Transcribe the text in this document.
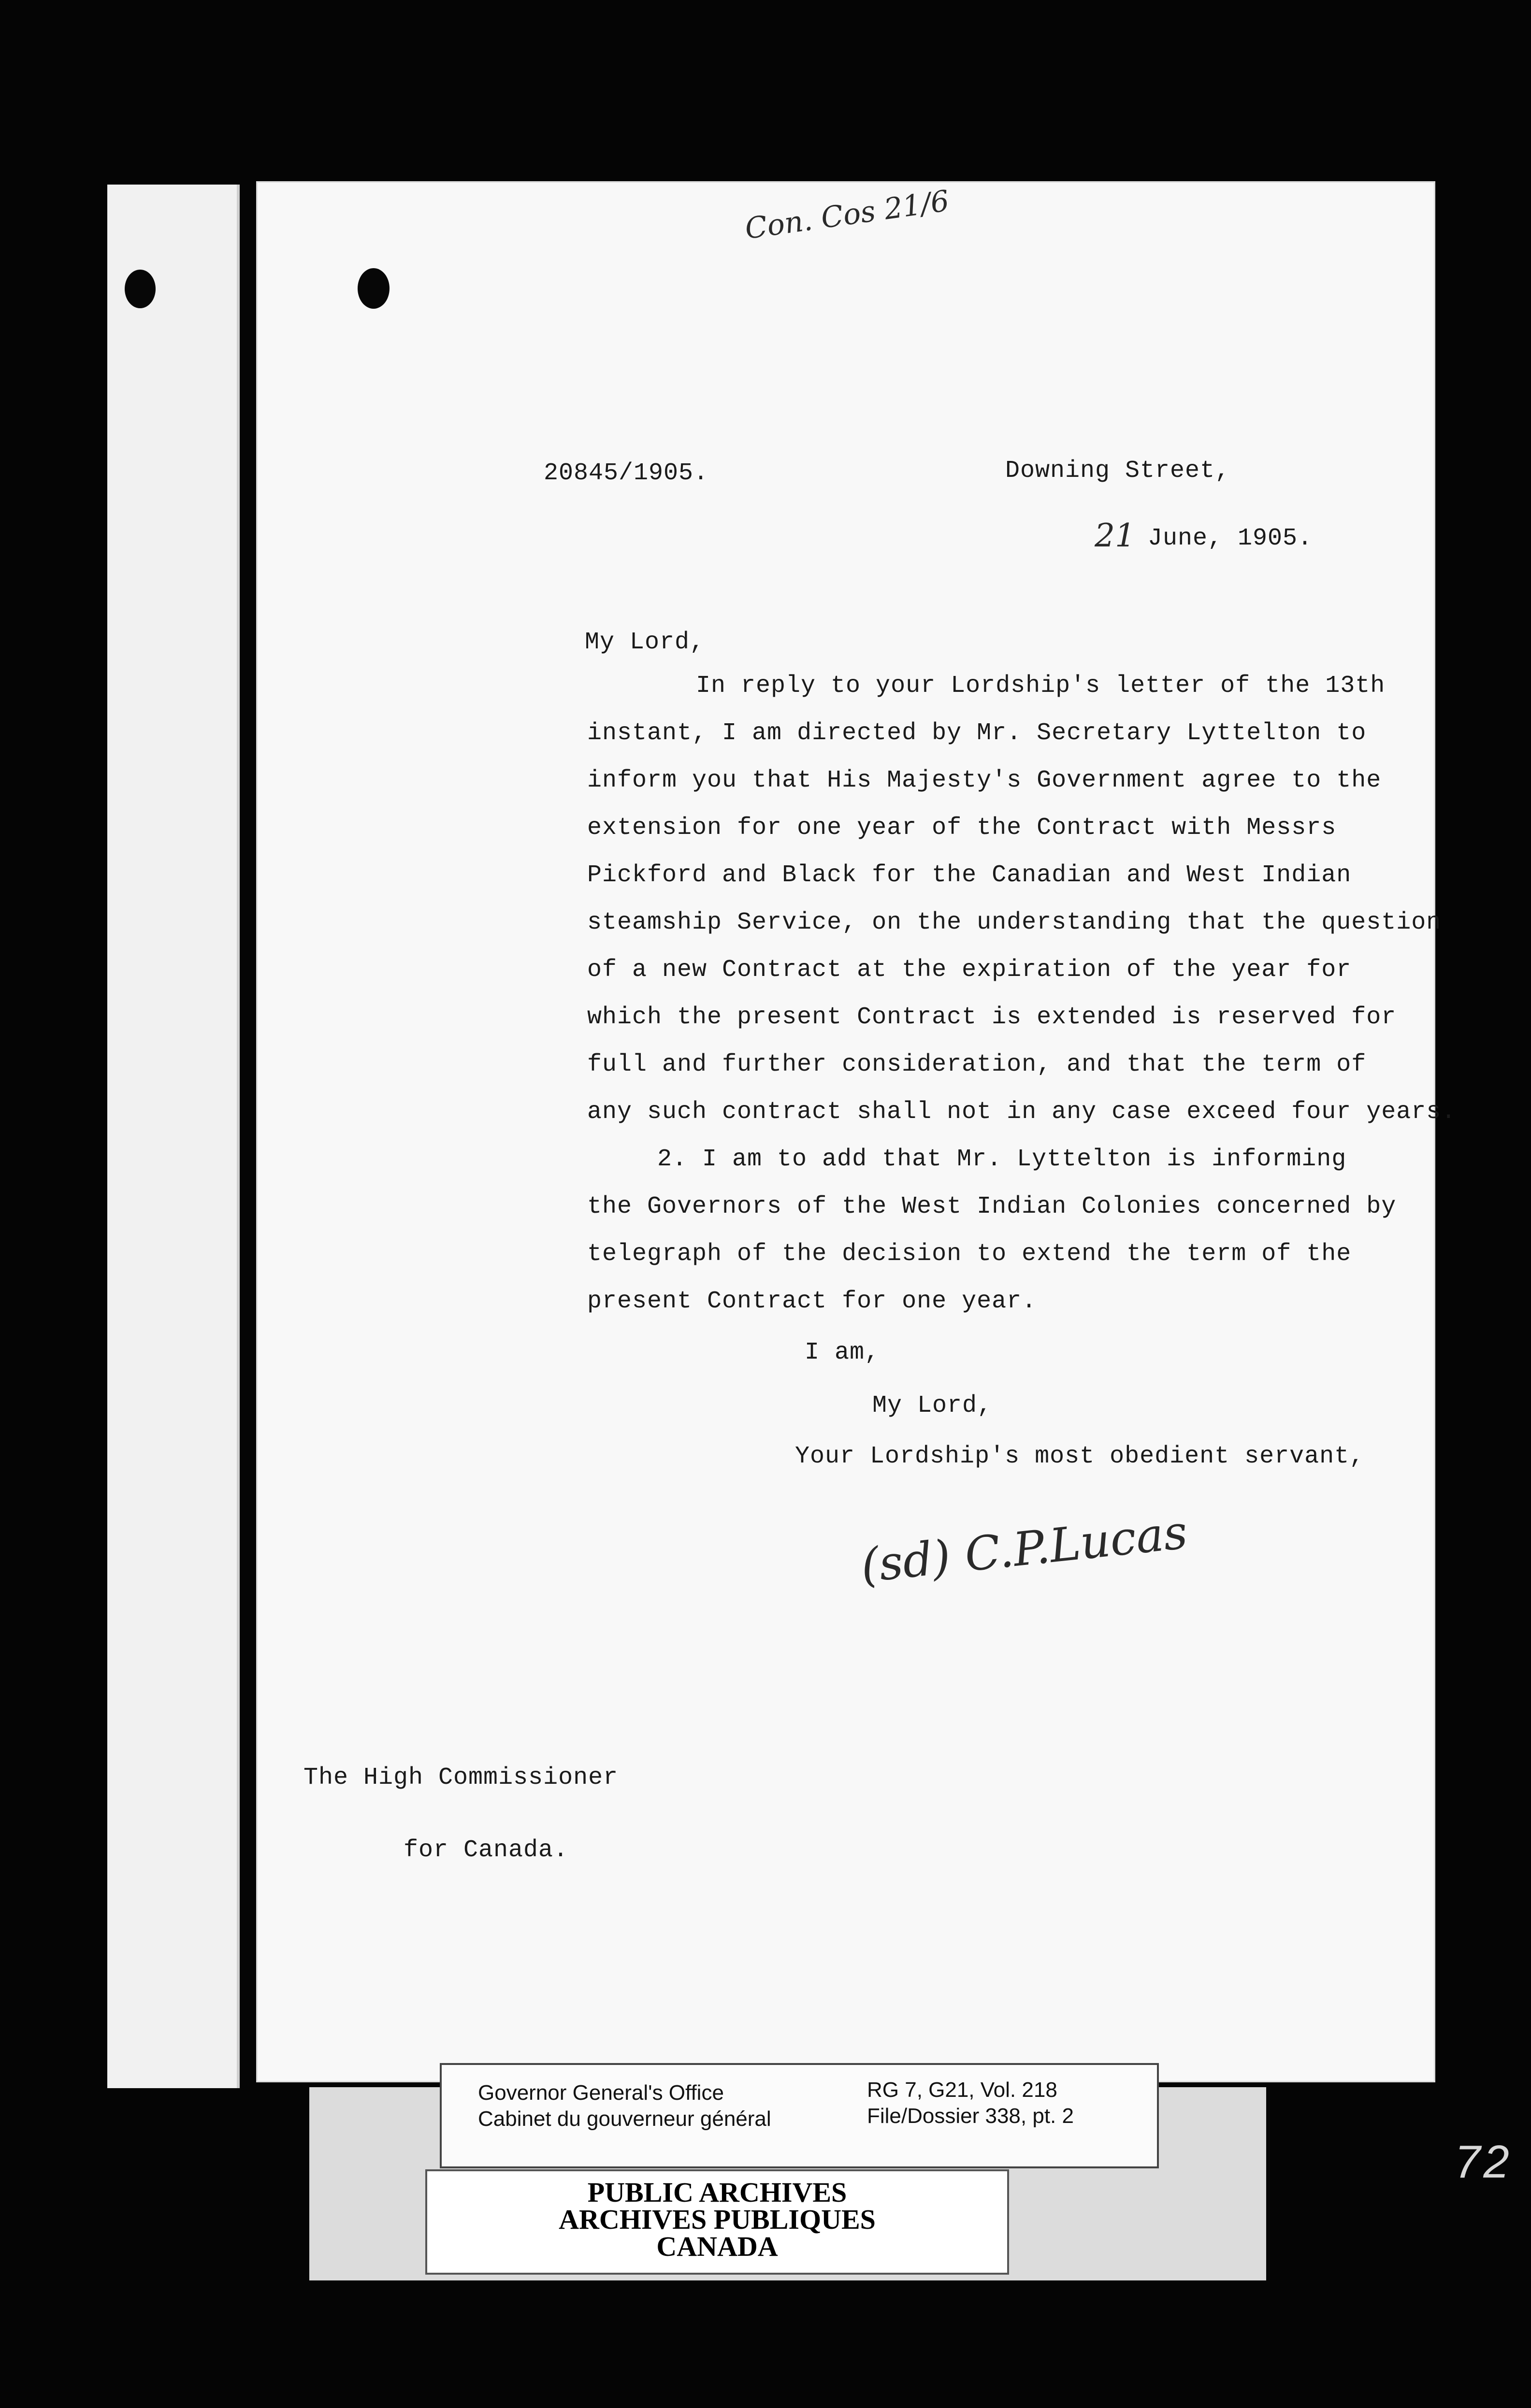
Con. Cos 21/6
20845/1905.	Downing Street,
21 June, 1905.
My Lord,
In reply to your Lordship's letter of the 13th
instant, I am directed by Mr. Secretary Lyttelton to
inform you that His Majesty's Government agree to the
extension for one year of the Contract with Messrs
Pickford and Black for the Canadian and West Indian
steamship Service, on the understanding that the question
of a new Contract at the expiration of the year for
which the present Contract is extended is reserved for
full and further consideration, and that the term of
any such contract shall not in any case exceed four years.
2. I am to add that Mr. Lyttelton is informing
the Governors of the West Indian Colonies concerned by
telegraph of the decision to extend the term of the
present Contract for one year.
I am,
My Lord,
Your Lordship's most obedient servant,
(sd) C.P.Lucas
The High Commissioner
for Canada.
Governor General's Office
Cabinet du gouverneur général
RG 7, G21, Vol. 218
File/Dossier 338, pt. 2
PUBLIC ARCHIVES
ARCHIVES PUBLIQUES
CANADA
72
